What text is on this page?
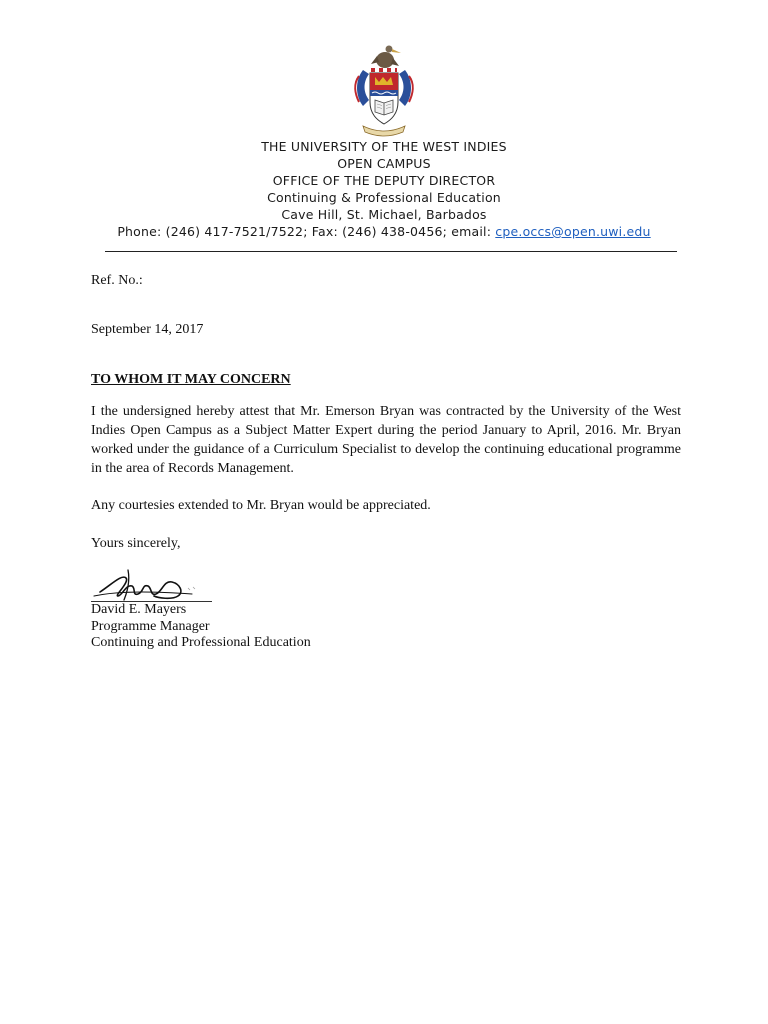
THE UNIVERSITY OF THE WEST INDIES
OPEN CAMPUS
OFFICE OF THE DEPUTY DIRECTOR
Continuing & Professional Education
Cave Hill, St. Michael, Barbados
Phone: (246) 417-7521/7522; Fax: (246) 438-0456; email: cpe.occs@open.uwi.edu
Ref. No.:
September 14, 2017
TO WHOM IT MAY CONCERN
I the undersigned hereby attest that Mr. Emerson Bryan was contracted by the University of the West Indies Open Campus as a Subject Matter Expert during the period January to April, 2016. Mr. Bryan worked under the guidance of a Curriculum Specialist to develop the continuing educational programme in the area of Records Management.
Any courtesies extended to Mr. Bryan would be appreciated.
Yours sincerely,
David E. Mayers
Programme Manager
Continuing and Professional Education
